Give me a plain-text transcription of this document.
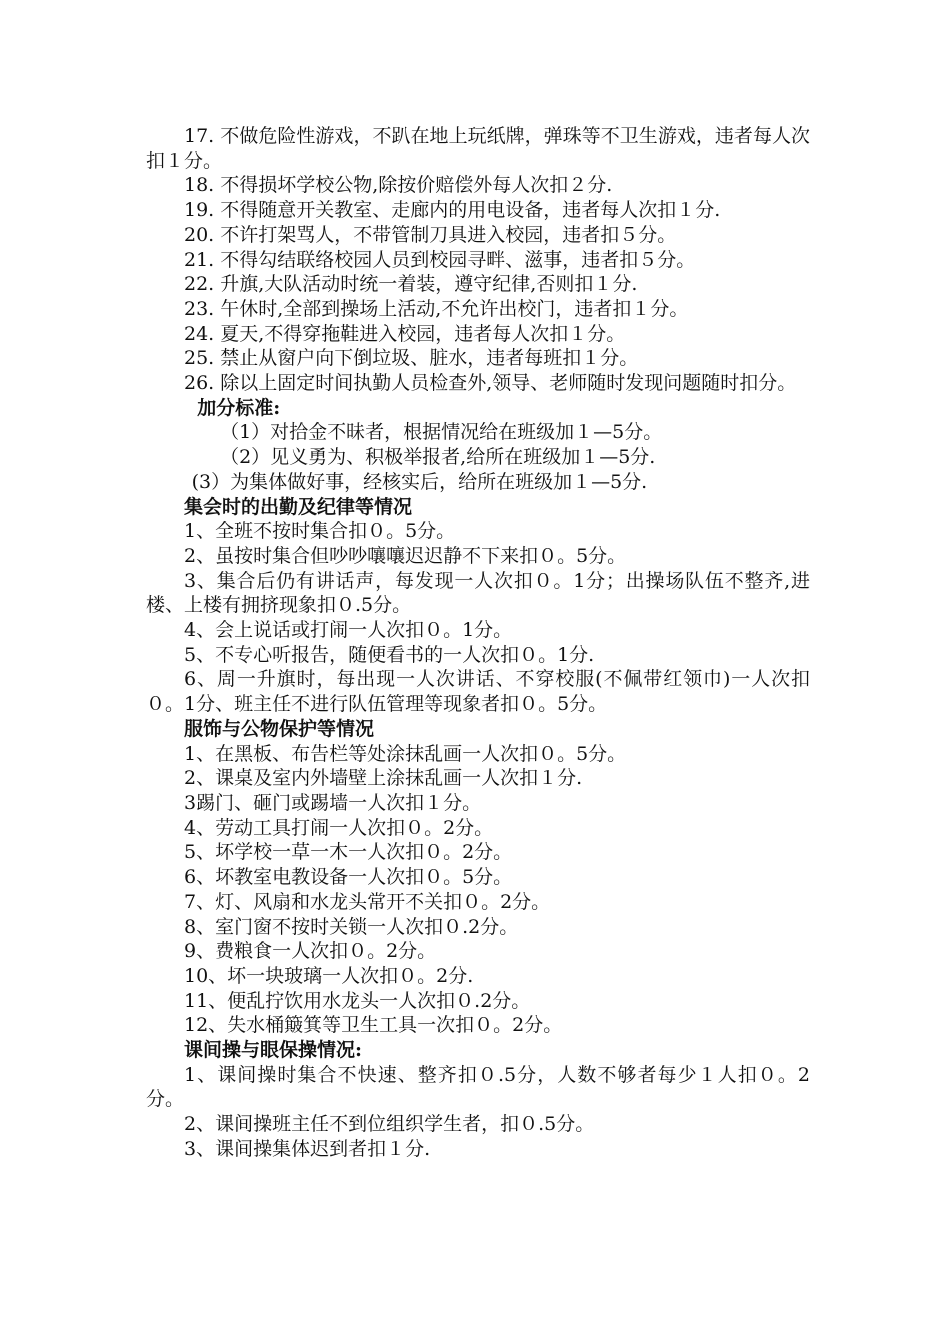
17. 不做危险性游戏，不趴在地上玩纸牌，弹珠等不卫生游戏，违者每人次扣１分。

18. 不得损坏学校公物,除按价赔偿外每人次扣２分.

19. 不得随意开关教室、走廊内的用电设备，违者每人次扣１分.

20. 不许打架骂人，不带管制刀具进入校园，违者扣５分。

21. 不得勾结联络校园人员到校园寻畔、滋事，违者扣５分。

22. 升旗,大队活动时统一着装，遵守纪律,否则扣１分.

23. 午休时,全部到操场上活动,不允许出校门，违者扣１分。

24. 夏天,不得穿拖鞋进入校园，违者每人次扣１分。

25. 禁止从窗户向下倒垃圾、脏水，违者每班扣１分。

26. 除以上固定时间执勤人员检查外,领导、老师随时发现问题随时扣分。

加分标准:

（1）对拾金不昧者，根据情况给在班级加１—5分。

（2）见义勇为、积极举报者,给所在班级加１—5分.

(3）为集体做好事，经核实后，给所在班级加１—5分.

集会时的出勤及纪律等情况

1、全班不按时集合扣０。5分。

2、虽按时集合但吵吵嚷嚷迟迟静不下来扣０。5分。

3、集合后仍有讲话声，每发现一人次扣０。1分；出操场队伍不整齐,进楼、上楼有拥挤现象扣０.5分。

4、会上说话或打闹一人次扣０。1分。

5、不专心听报告，随便看书的一人次扣０。1分.

6、周一升旗时，每出现一人次讲话、不穿校服(不佩带红领巾)一人次扣０。1分、班主任不进行队伍管理等现象者扣０。5分。

服饰与公物保护等情况

1、在黑板、布告栏等处涂抹乱画一人次扣０。5分。

2、课桌及室内外墙壁上涂抹乱画一人次扣１分.

3踢门、砸门或踢墙一人次扣１分。

4、劳动工具打闹一人次扣０。2分。

5、坏学校一草一木一人次扣０。2分。

6、坏教室电教设备一人次扣０。5分。

7、灯、风扇和水龙头常开不关扣０。2分。

8、室门窗不按时关锁一人次扣０.2分。

9、费粮食一人次扣０。2分。

10、坏一块玻璃一人次扣０。2分.

11、便乱拧饮用水龙头一人次扣０.2分。

12、失水桶簸箕等卫生工具一次扣０。2分。

课间操与眼保操情况:

1、课间操时集合不快速、整齐扣０.5分，人数不够者每少１人扣０。2分。

2、课间操班主任不到位组织学生者，扣０.5分。

3、课间操集体迟到者扣１分.
